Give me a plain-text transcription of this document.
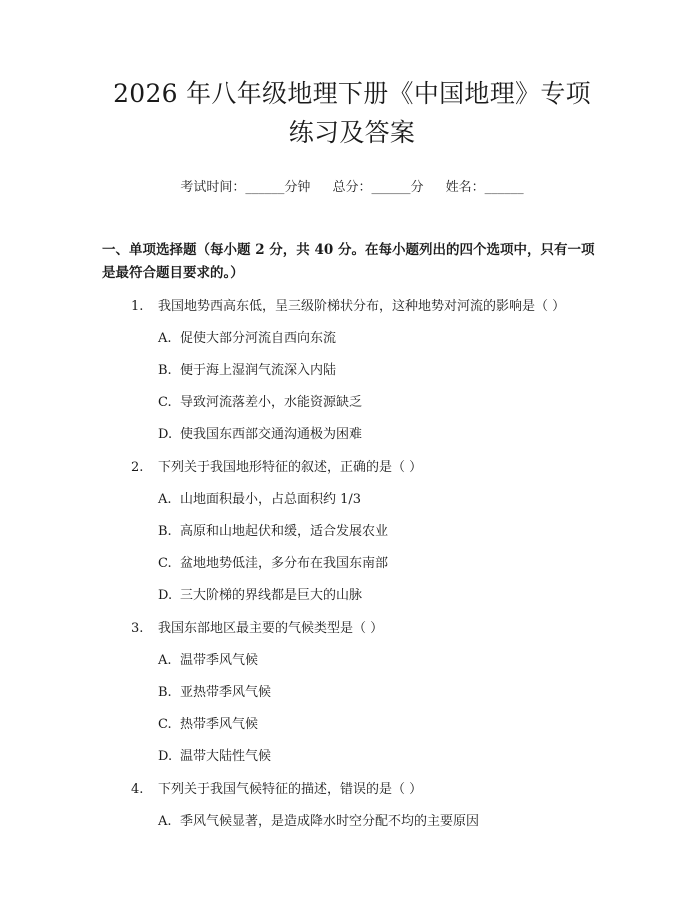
2026 年八年级地理下册《中国地理》专项练习及答案
考试时间：______分钟 总分：______分 姓名：______
一、单项选择题（每小题 2 分，共 40 分。在每小题列出的四个选项中，只有一项是最符合题目要求的。）
1.	我国地势西高东低，呈三级阶梯状分布，这种地势对河流的影响是（ ）
A. 促使大部分河流自西向东流
B. 便于海上湿润气流深入内陆
C. 导致河流落差小，水能资源缺乏
D. 使我国东西部交通沟通极为困难
2.	下列关于我国地形特征的叙述，正确的是（ ）
A. 山地面积最小，占总面积约 1/3
B. 高原和山地起伏和缓，适合发展农业
C. 盆地地势低洼，多分布在我国东南部
D. 三大阶梯的界线都是巨大的山脉
3.	我国东部地区最主要的气候类型是（ ）
A. 温带季风气候
B. 亚热带季风气候
C. 热带季风气候
D. 温带大陆性气候
4.	下列关于我国气候特征的描述，错误的是（ ）
A. 季风气候显著，是造成降水时空分配不均的主要原因
